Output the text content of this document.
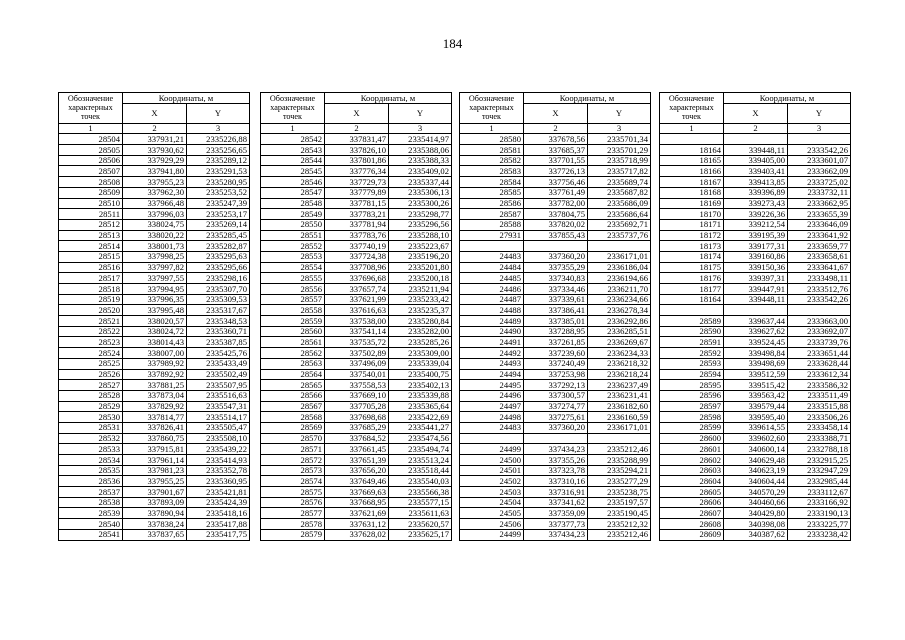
184
Обозначение характерных точек	Координаты, м	
	X	Y
1	2	3
28504	337931,21	2335226,88
28505	337930,62	2335256,65
28506	337929,29	2335289,12
28507	337941,80	2335291,53
28508	337955,23	2335280,95
28509	337962,30	2335253,52
28510	337966,48	2335247,39
28511	337996,03	2335253,17
28512	338024,75	2335269,14
28513	338020,22	2335285,45
28514	338001,73	2335282,87
28515	337998,25	2335295,63
28516	337997,82	2335295,66
28517	337997,55	2335298,16
28518	337994,95	2335307,70
28519	337996,35	2335309,53
28520	337995,48	2335317,67
28521	338020,57	2335348,53
28522	338024,72	2335360,71
28523	338014,43	2335387,85
28524	338007,00	2335425,76
28525	337989,92	2335433,49
28526	337892,92	2335502,49
28527	337881,25	2335507,95
28528	337873,04	2335516,63
28529	337829,92	2335547,31
28530	337814,77	2335514,17
28531	337826,41	2335505,47
28532	337860,75	2335508,10
28533	337915,81	2335439,22
28534	337961,14	2335414,93
28535	337981,23	2335352,78
28536	337955,25	2335360,95
28537	337901,67	2335421,81
28538	337893,09	2335424,39
28539	337890,94	2335418,16
28540	337838,24	2335417,88
28541	337837,65	2335417,75
Обозначение характерных точек	Координаты, м	
	X	Y
1	2	3
28542	337831,47	2335414,97
28543	337826,10	2335388,06
28544	337801,86	2335388,33
28545	337776,34	2335409,02
28546	337729,73	2335337,44
28547	337779,89	2335306,13
28548	337781,15	2335300,26
28549	337783,21	2335298,77
28550	337781,94	2335296,56
28551	337783,76	2335288,10
28552	337740,19	2335223,67
28553	337724,38	2335196,20
28554	337708,96	2335201,80
28555	337696,68	2335200,18
28556	337657,74	2335211,94
28557	337621,99	2335233,42
28558	337616,63	2335235,37
28559	337538,00	2335280,84
28560	337541,14	2335282,00
28561	337535,72	2335285,26
28562	337502,89	2335309,00
28563	337496,09	2335339,04
28564	337540,01	2335400,75
28565	337558,53	2335402,13
28566	337669,10	2335339,88
28567	337705,28	2335365,64
28568	337698,68	2335422,69
28569	337685,29	2335441,27
28570	337684,52	2335474,56
28571	337661,45	2335494,74
28572	337651,39	2335513,24
28573	337656,20	2335518,44
28574	337649,46	2335540,03
28575	337669,63	2335566,38
28576	337668,95	2335577,15
28577	337621,69	2335611,63
28578	337631,12	2335620,57
28579	337628,02	2335625,17
Обозначение характерных точек	Координаты, м	
	X	Y
1	2	3
28580	337678,56	2335701,34
28581	337685,37	2335701,29
28582	337701,55	2335718,99
28583	337726,13	2335717,82
28584	337756,46	2335689,74
28585	337761,49	2335687,82
28586	337782,00	2335686,09
28587	337804,75	2335686,64
28588	337820,02	2335692,71
27931	337855,43	2335737,76

24483	337360,20	2336171,01
24484	337355,29	2336186,04
24485	337340,83	2336194,66
24486	337334,46	2336211,70
24487	337339,61	2336234,66
24488	337386,41	2336278,34
24489	337385,01	2336292,86
24490	337288,95	2336285,51
24491	337261,85	2336269,67
24492	337239,60	2336234,33
24493	337240,49	2336218,32
24494	337253,98	2336218,24
24495	337292,13	2336237,49
24496	337300,57	2336231,41
24497	337274,77	2336182,60
24498	337275,61	2336160,59
24483	337360,20	2336171,01

24499	337434,23	2335212,46
24500	337355,26	2335288,99
24501	337323,78	2335294,21
24502	337310,16	2335277,29
24503	337316,91	2335238,75
24504	337341,62	2335197,57
24505	337359,09	2335190,45
24506	337377,73	2335212,32
24499	337434,23	2335212,46
Обозначение характерных точек	Координаты, м	
	X	Y
1	2	3

18164	339448,11	2333542,26
18165	339405,00	2333601,07
18166	339403,41	2333662,09
18167	339413,85	2333725,02
18168	339396,89	2333732,11
18169	339273,43	2333662,95
18170	339226,36	2333655,39
18171	339212,54	2333646,09
18172	339195,39	2333641,92
18173	339177,31	2333659,77
18174	339160,86	2333658,61
18175	339150,36	2333641,67
18176	339397,31	2333498,11
18177	339447,91	2333512,76
18164	339448,11	2333542,26

28589	339637,44	2333663,00
28590	339627,62	2333692,07
28591	339524,45	2333739,76
28592	339498,84	2333651,44
28593	339498,69	2333628,44
28594	339512,59	2333612,34
28595	339515,42	2333586,32
28596	339563,42	2333511,49
28597	339579,44	2333515,88
28598	339595,40	2333506,26
28599	339614,55	2333458,14
28600	339602,60	2333388,71
28601	340600,14	2332788,18
28602	340629,48	2332915,25
28603	340623,19	2332947,29
28604	340604,44	2332985,44
28605	340570,29	2333112,67
28606	340460,66	2333166,92
28607	340429,80	2333190,13
28608	340398,08	2333225,77
28609	340387,62	2333238,42
